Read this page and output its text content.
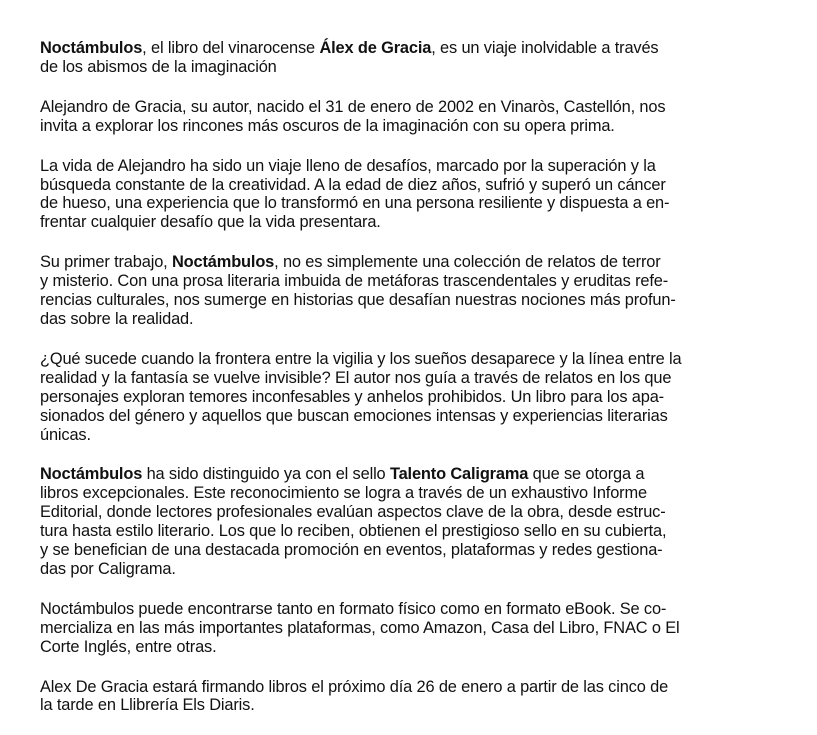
Noctámbulos, el libro del vinarocense Álex de Gracia, es un viaje inolvidable a través
de los abismos de la imaginación

Alejandro de Gracia, su autor, nacido el 31 de enero de 2002 en Vinaròs, Castellón, nos
invita a explorar los rincones más oscuros de la imaginación con su opera prima.

La vida de Alejandro ha sido un viaje lleno de desafíos, marcado por la superación y la
búsqueda constante de la creatividad. A la edad de diez años, sufrió y superó un cáncer
de hueso, una experiencia que lo transformó en una persona resiliente y dispuesta a en-
frentar cualquier desafío que la vida presentara.

Su primer trabajo, Noctámbulos, no es simplemente una colección de relatos de terror
y misterio. Con una prosa literaria imbuida de metáforas trascendentales y eruditas refe-
rencias culturales, nos sumerge en historias que desafían nuestras nociones más profun-
das sobre la realidad.

¿Qué sucede cuando la frontera entre la vigilia y los sueños desaparece y la línea entre la
realidad y la fantasía se vuelve invisible? El autor nos guía a través de relatos en los que
personajes exploran temores inconfesables y anhelos prohibidos. Un libro para los apa-
sionados del género y aquellos que buscan emociones intensas y experiencias literarias
únicas.

Noctámbulos ha sido distinguido ya con el sello Talento Caligrama que se otorga a
libros excepcionales. Este reconocimiento se logra a través de un exhaustivo Informe
Editorial, donde lectores profesionales evalúan aspectos clave de la obra, desde estruc-
tura hasta estilo literario. Los que lo reciben, obtienen el prestigioso sello en su cubierta,
y se benefician de una destacada promoción en eventos, plataformas y redes gestiona-
das por Caligrama.

Noctámbulos puede encontrarse tanto en formato físico como en formato eBook. Se co-
mercializa en las más importantes plataformas, como Amazon, Casa del Libro, FNAC o El
Corte Inglés, entre otras.

Alex De Gracia estará firmando libros el próximo día 26 de enero a partir de las cinco de
la tarde en Llibrería Els Diaris.
